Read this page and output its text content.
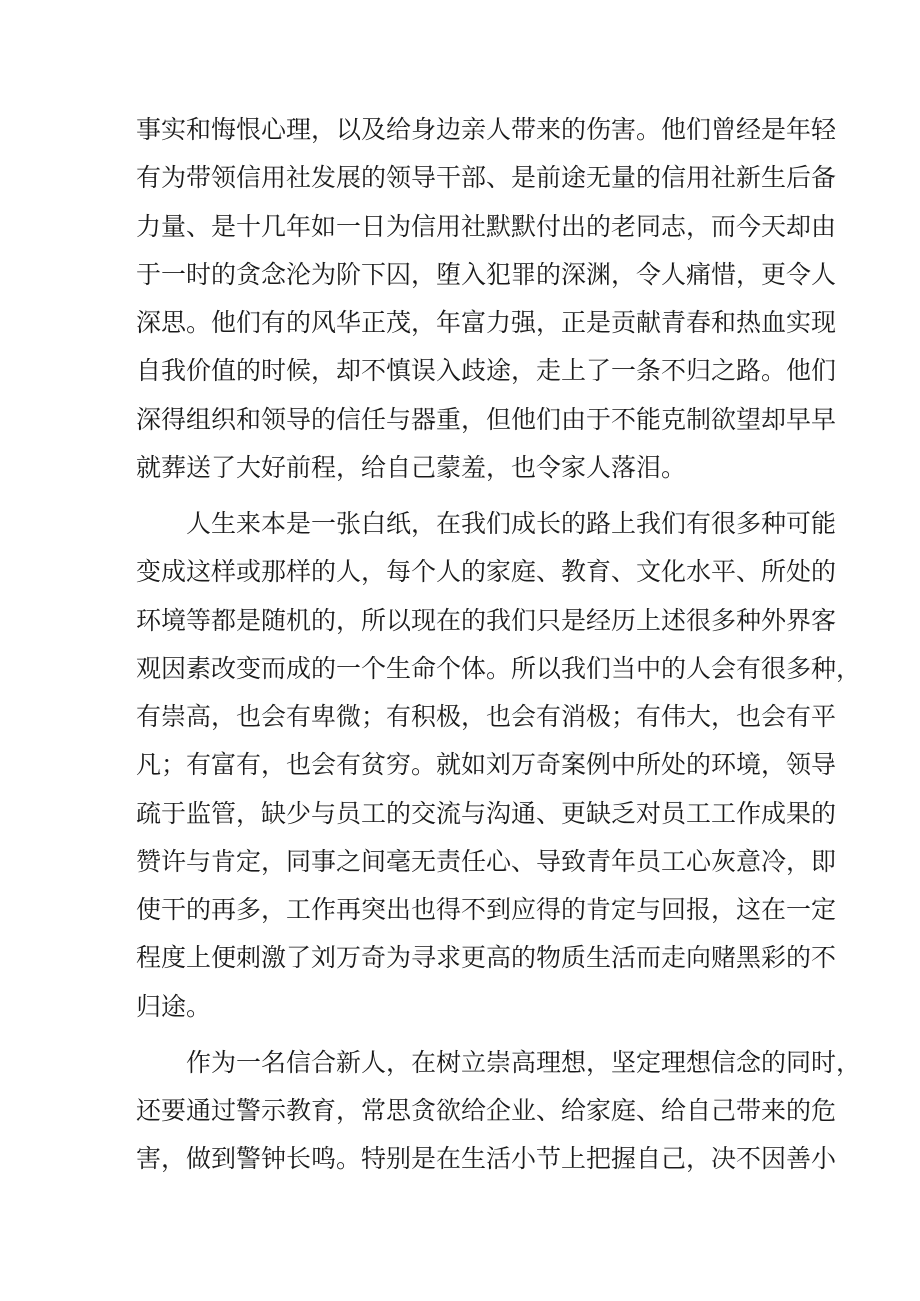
事实和悔恨心理，以及给身边亲人带来的伤害。他们曾经是年轻
有为带领信用社发展的领导干部、是前途无量的信用社新生后备
力量、是十几年如一日为信用社默默付出的老同志，而今天却由
于一时的贪念沦为阶下囚，堕入犯罪的深渊，令人痛惜，更令人
深思。他们有的风华正茂，年富力强，正是贡献青春和热血实现
自我价值的时候，却不慎误入歧途，走上了一条不归之路。他们
深得组织和领导的信任与器重，但他们由于不能克制欲望却早早
就葬送了大好前程，给自己蒙羞，也令家人落泪。
人生来本是一张白纸，在我们成长的路上我们有很多种可能
变成这样或那样的人，每个人的家庭、教育、文化水平、所处的
环境等都是随机的，所以现在的我们只是经历上述很多种外界客
观因素改变而成的一个生命个体。所以我们当中的人会有很多种，
有崇高，也会有卑微；有积极，也会有消极；有伟大，也会有平
凡；有富有，也会有贫穷。就如刘万奇案例中所处的环境，领导
疏于监管，缺少与员工的交流与沟通、更缺乏对员工工作成果的
赞许与肯定，同事之间毫无责任心、导致青年员工心灰意冷，即
使干的再多，工作再突出也得不到应得的肯定与回报，这在一定
程度上便刺激了刘万奇为寻求更高的物质生活而走向赌黑彩的不
归途。
作为一名信合新人，在树立崇高理想，坚定理想信念的同时，
还要通过警示教育，常思贪欲给企业、给家庭、给自己带来的危
害，做到警钟长鸣。特别是在生活小节上把握自己，决不因善小
